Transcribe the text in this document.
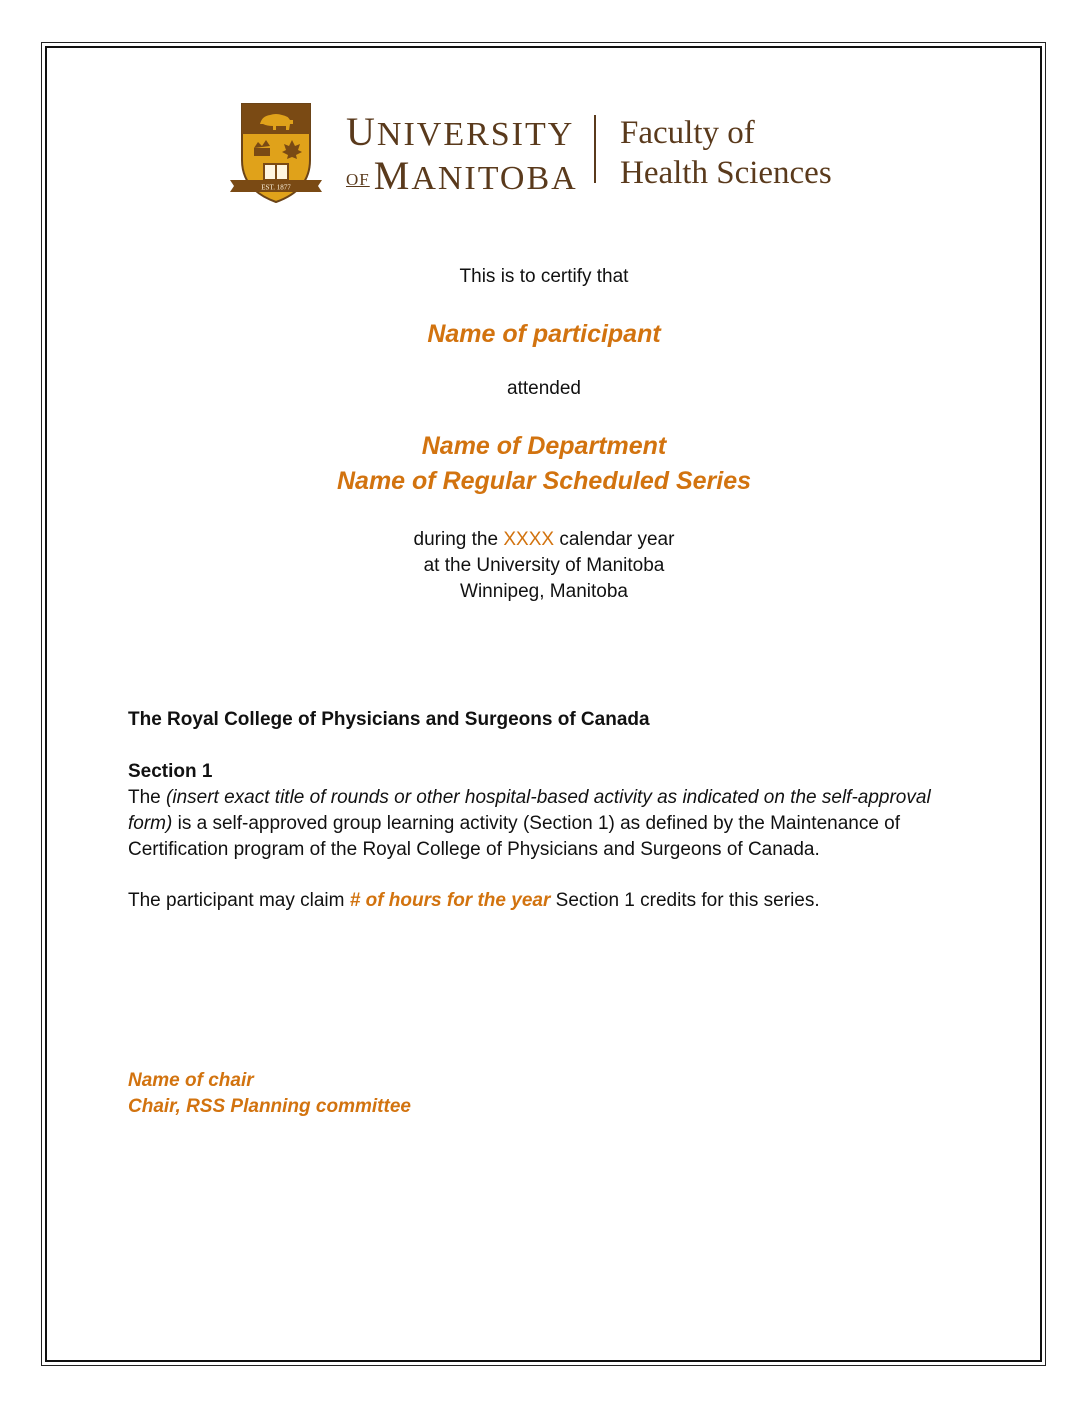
EST. 1877
UNIVERSITY
OF MANITOBA
Faculty of
Health Sciences
This is to certify that
Name of participant
attended
Name of Department
Name of Regular Scheduled Series
during the XXXX calendar year
at the University of Manitoba
Winnipeg, Manitoba
The Royal College of Physicians and Surgeons of Canada
Section 1
The (insert exact title of rounds or other hospital-based activity as indicated on the self-approval
form) is a self-approved group learning activity (Section 1) as defined by the Maintenance of
Certification program of the Royal College of Physicians and Surgeons of Canada.
The participant may claim # of hours for the year Section 1 credits for this series.
Name of chair
Chair, RSS Planning committee
